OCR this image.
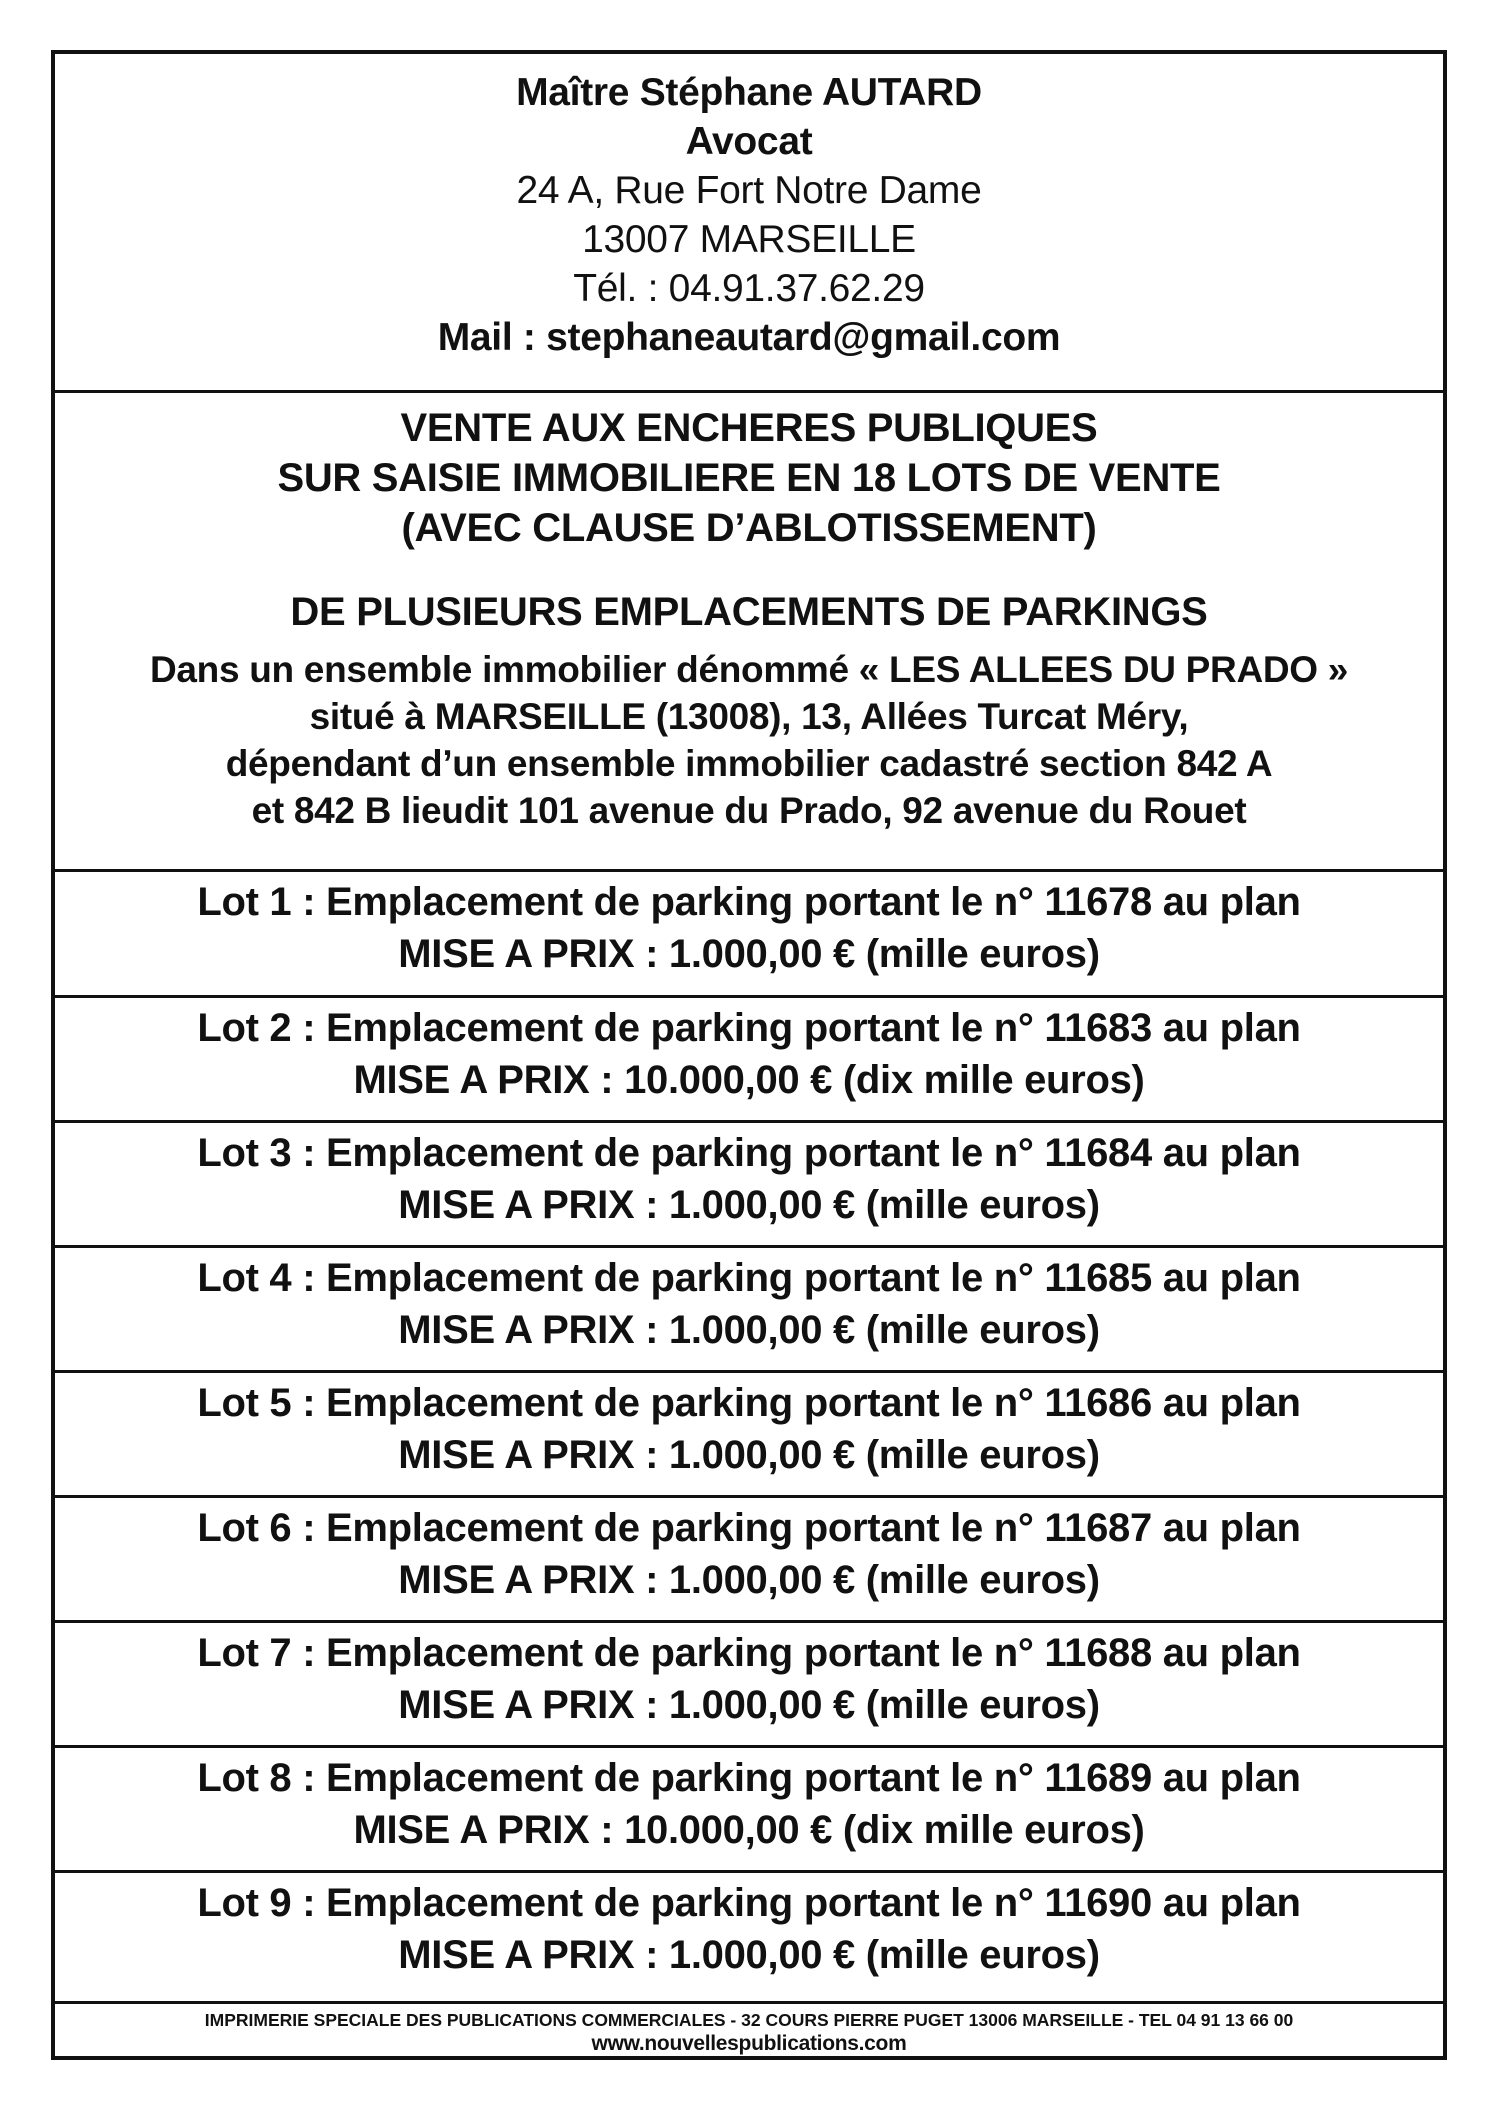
Maître Stéphane AUTARD
Avocat
24 A, Rue Fort Notre Dame
13007 MARSEILLE
Tél. : 04.91.37.62.29
Mail : stephaneautard@gmail.com
VENTE AUX ENCHERES PUBLIQUES
SUR SAISIE IMMOBILIERE EN 18 LOTS DE VENTE
(AVEC CLAUSE D’ABLOTISSEMENT)
DE PLUSIEURS EMPLACEMENTS DE PARKINGS
Dans un ensemble immobilier dénommé « LES ALLEES DU PRADO »
situé à MARSEILLE (13008), 13, Allées Turcat Méry,
dépendant d’un ensemble immobilier cadastré section 842 A
et 842 B lieudit 101 avenue du Prado, 92 avenue du Rouet
Lot 1 : Emplacement de parking portant le n° 11678 au plan
MISE A PRIX : 1.000,00 € (mille euros)
Lot 2 : Emplacement de parking portant le n° 11683 au plan
MISE A PRIX : 10.000,00 € (dix mille euros)
Lot 3 : Emplacement de parking portant le n° 11684 au plan
MISE A PRIX : 1.000,00 € (mille euros)
Lot 4 : Emplacement de parking portant le n° 11685 au plan
MISE A PRIX : 1.000,00 € (mille euros)
Lot 5 : Emplacement de parking portant le n° 11686 au plan
MISE A PRIX : 1.000,00 € (mille euros)
Lot 6 : Emplacement de parking portant le n° 11687 au plan
MISE A PRIX : 1.000,00 € (mille euros)
Lot 7 : Emplacement de parking portant le n° 11688 au plan
MISE A PRIX : 1.000,00 € (mille euros)
Lot 8 : Emplacement de parking portant le n° 11689 au plan
MISE A PRIX : 10.000,00 € (dix mille euros)
Lot 9 : Emplacement de parking portant le n° 11690 au plan
MISE A PRIX : 1.000,00 € (mille euros)
IMPRIMERIE SPECIALE DES PUBLICATIONS COMMERCIALES - 32 COURS PIERRE PUGET 13006 MARSEILLE - TEL 04 91 13 66 00
www.nouvellespublications.com
